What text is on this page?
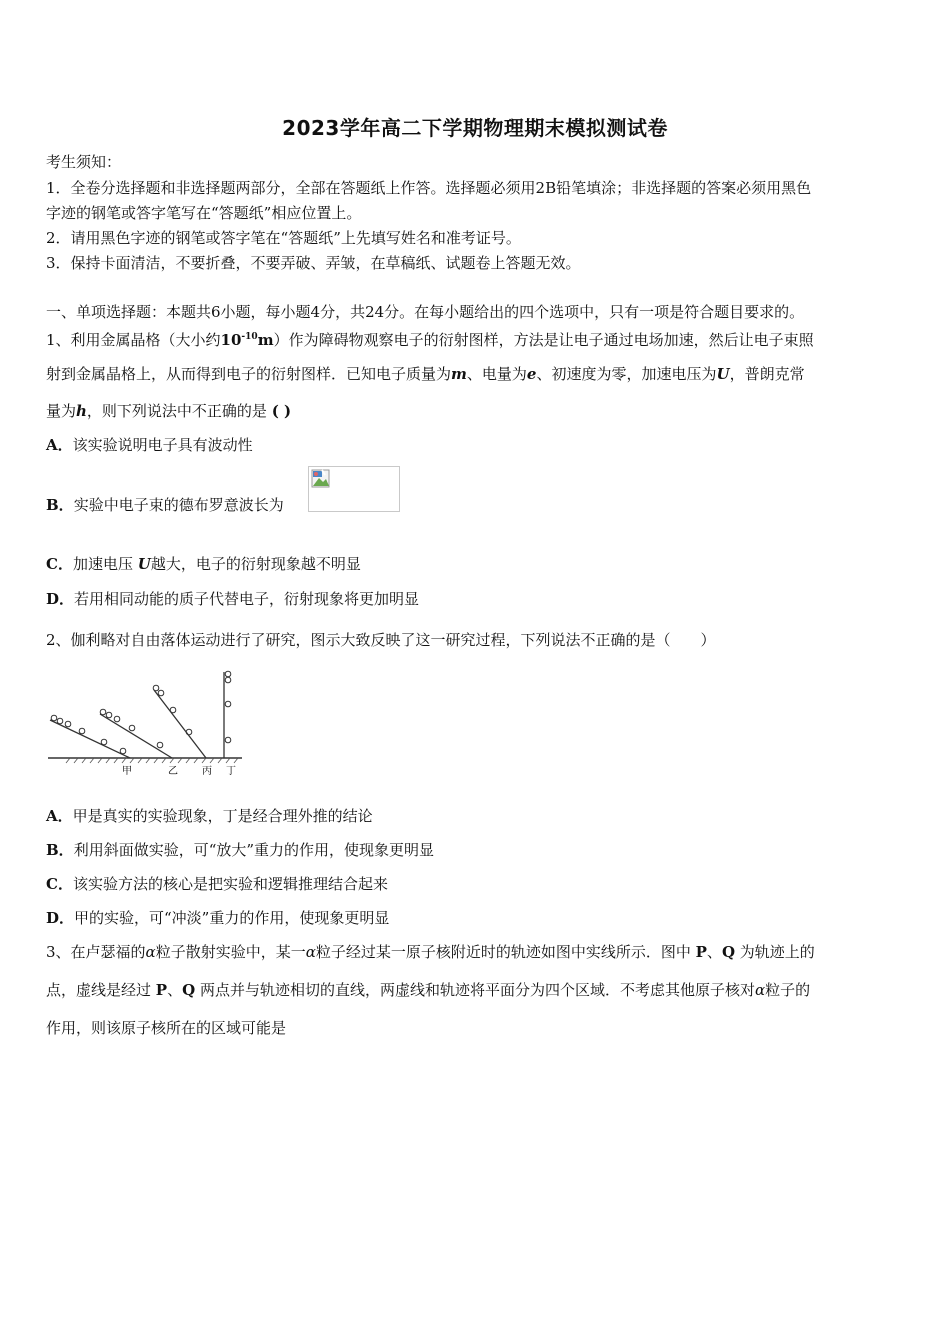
2023学年高二下学期物理期末模拟测试卷
考生须知：
1．全卷分选择题和非选择题两部分，全部在答题纸上作答。选择题必须用2B铅笔填涂；非选择题的答案必须用黑色
字迹的钢笔或答字笔写在“答题纸”相应位置上。
2．请用黑色字迹的钢笔或答字笔在“答题纸”上先填写姓名和准考证号。
3．保持卡面清洁，不要折叠，不要弄破、弄皱，在草稿纸、试题卷上答题无效。
一、单项选择题：本题共6小题，每小题4分，共24分。在每小题给出的四个选项中，只有一项是符合题目要求的。
1、利用金属晶格（大小约$10^{-10}m$）作为障碍物观察电子的衍射图样，方法是让电子通过电场加速，然后让电子束照
射到金属晶格上，从而得到电子的衍射图样．已知电子质量为m、电量为e、初速度为零，加速电压为U，普朗克常
量为h，则下列说法中不正确的是 ( )
A．该实验说明电子具有波动性
B．实验中电子束的德布罗意波长为
C．加速电压 U越大，电子的衍射现象越不明显
D．若用相同动能的质子代替电子，衍射现象将更加明显
2、伽利略对自由落体运动进行了研究，图示大致反映了这一研究过程，下列说法不正确的是（　　）
甲	乙 丙 丁
A．甲是真实的实验现象，丁是经合理外推的结论
B．利用斜面做实验，可“放大”重力的作用，使现象更明显
C．该实验方法的核心是把实验和逻辑推理结合起来
D．甲的实验，可“冲淡”重力的作用，使现象更明显
3、在卢瑟福的α粒子散射实验中，某一α粒子经过某一原子核附近时的轨迹如图中实线所示．图中 P、Q 为轨迹上的
点，虚线是经过 P、Q 两点并与轨迹相切的直线，两虚线和轨迹将平面分为四个区域．不考虑其他原子核对α粒子的
作用，则该原子核所在的区域可能是
